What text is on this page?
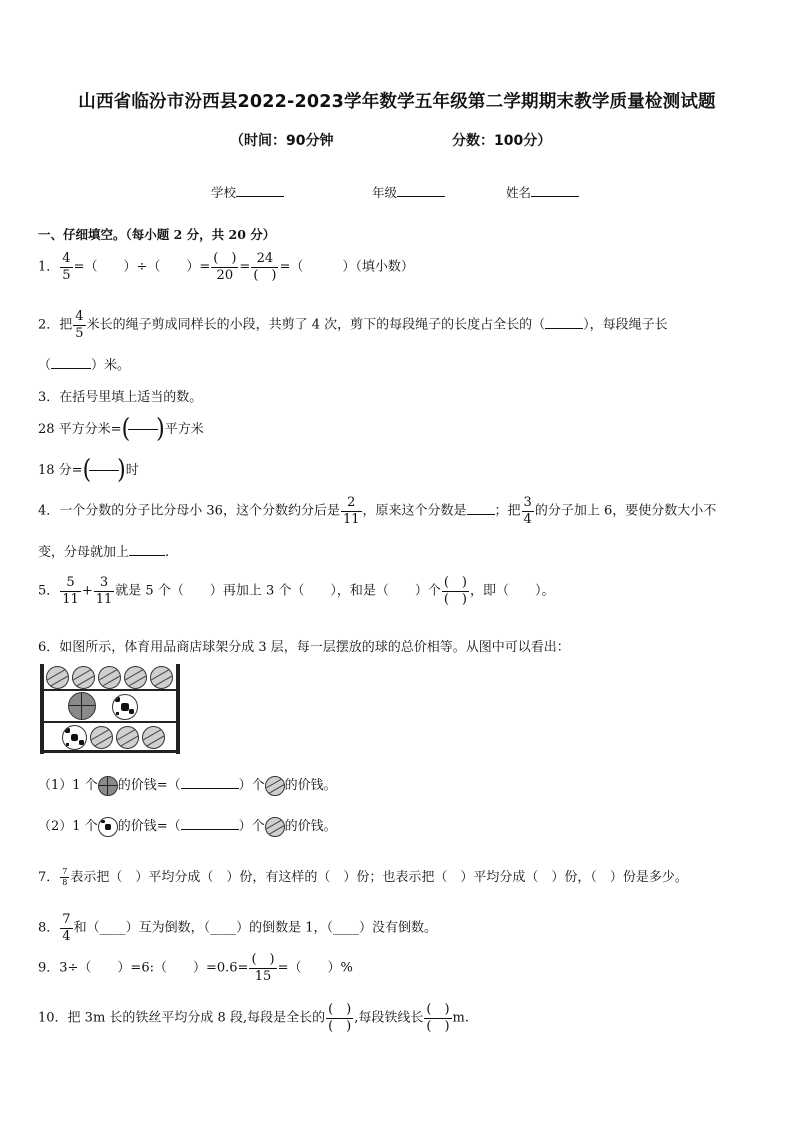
山西省临汾市汾西县2022-2023学年数学五年级第二学期期末教学质量检测试题
（时间：90分钟	分数：100分）
学校	年级	姓名
一、仔细填空。（每小题 2 分，共 20 分）
1． $\frac{4}{5}$ =（　　）÷（　　）= $\frac{( )}{20} = \frac{24}{( )}$ =（　　　）（填小数）
2．把 $\frac{4}{5}$ 米长的绳子剪成同样长的小段，共剪了 4 次，剪下的每段绳子的长度占全长的（	），每段绳子长
（	）米。
3．在括号里填上适当的数。
28 平方分米=( )平方米
18 分=( )时
4．一个分数的分子比分母小 36，这个分数约分后是 $\frac{2}{11}$ ，原来这个分数是 ；把 $\frac{3}{4}$ 的分子加上 6，要使分数大小不
变，分母就加上	.
5． $\frac{5}{11} + \frac{3}{11}$ 就是 5 个（　　）再加上 3 个（　　），和是（　　）个 $\frac{( )}{( )}$ ，即（　　）。
6．如图所示，体育用品商店球架分成 3 层，每一层摆放的球的总价相等。从图中可以看出：
（1）1 个 的价钱=（	）个 的价钱。
（2）1 个 的价钱=（	）个 的价钱。
7． $\frac{7}{8}$ 表示把（　）平均分成（　）份，有这样的（　）份；也表示把（　）平均分成（　）份，（　）份是多少。
8． $\frac{7}{4}$ 和（____）互为倒数，（____）的倒数是 1，（____）没有倒数。
9．3÷（　　）=6:（　　）$=0.6= \frac{( )}{15}$ =（　　）%
10．把 3m 长的铁丝平均分成 8 段,每段是全长的 $\frac{( )}{( )}$ ,每段铁线长 $\frac{( )}{( )} m$.
